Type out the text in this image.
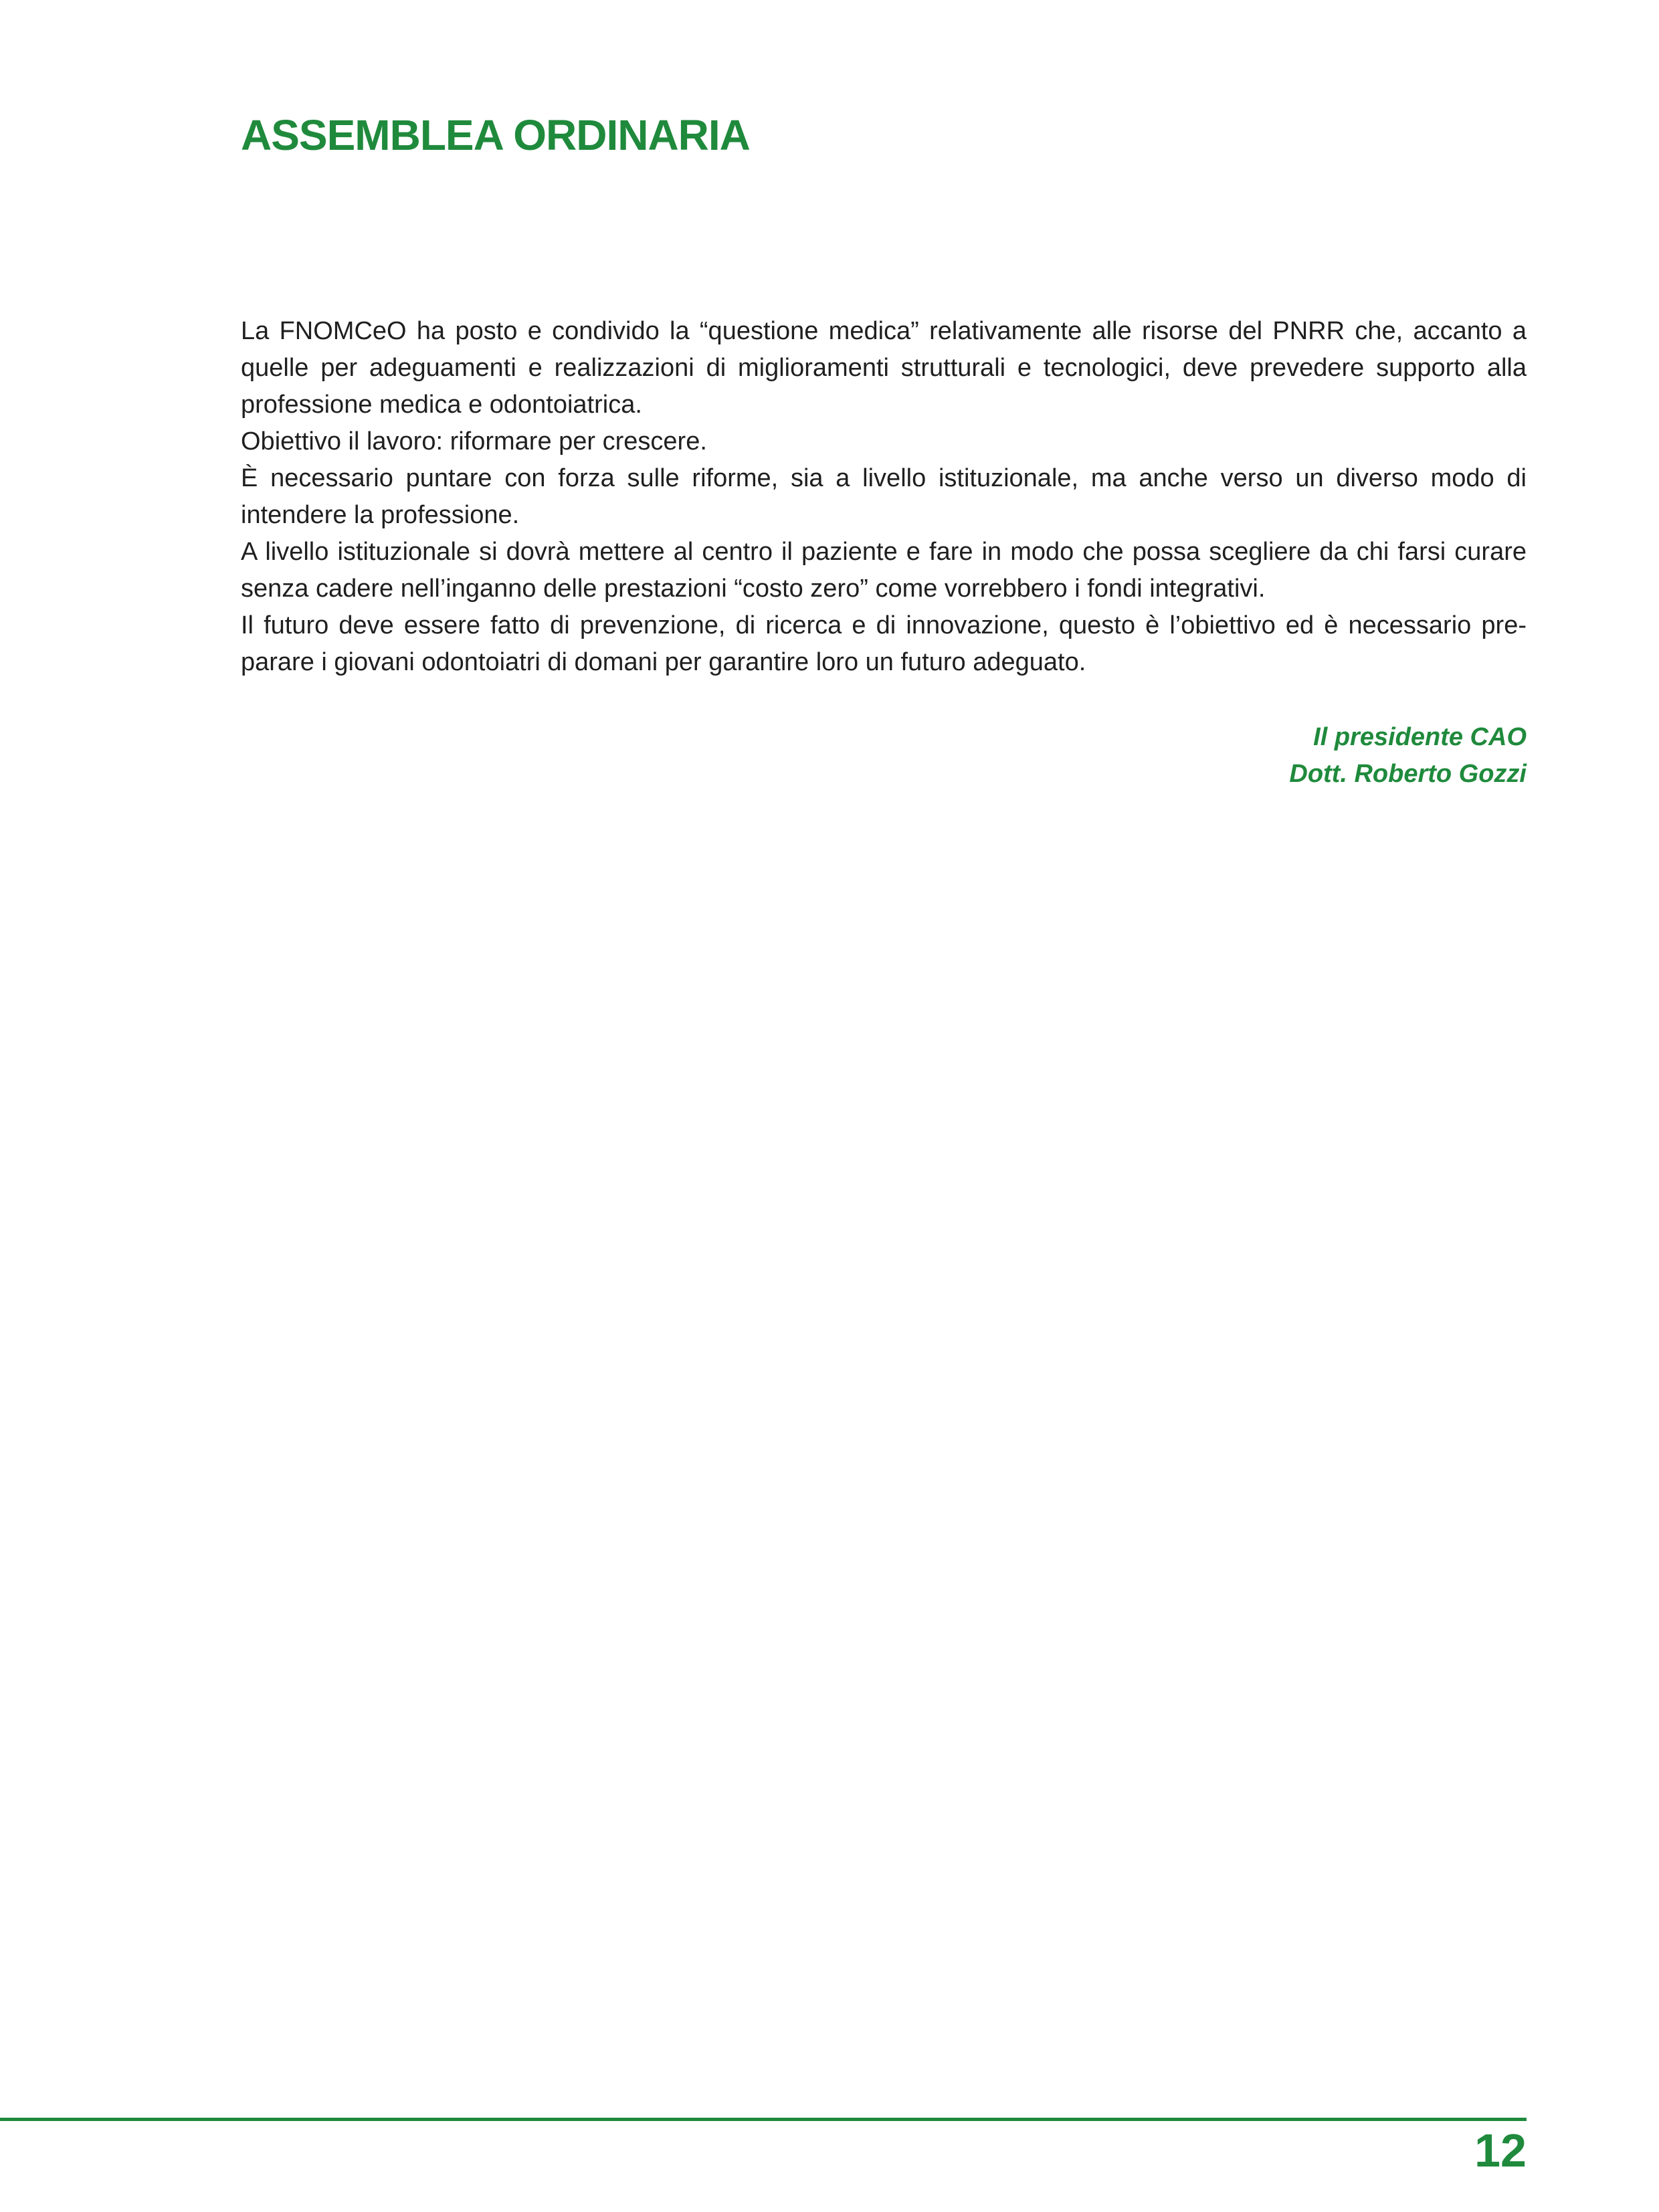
ASSEMBLEA ORDINARIA

La FNOMCeO ha posto e condivido la “questione medica” relativamente alle risorse del PNRR che, accanto a quelle per adeguamenti e realizzazioni di miglioramenti strutturali e tecnologici, deve prevedere supporto alla professione medica e odontoiatrica.

Obiettivo il lavoro: riformare per crescere.

È necessario puntare con forza sulle riforme, sia a livello istituzionale, ma anche verso un diverso modo di intendere la professione.

A livello istituzionale si dovrà mettere al centro il paziente e fare in modo che possa scegliere da chi farsi curare senza cadere nell’inganno delle prestazioni “costo zero” come vorrebbero i fondi integrativi.

Il futuro deve essere fatto di prevenzione, di ricerca e di innovazione, questo è l’obiettivo ed è necessario preparare i giovani odontoiatri di domani per garantire loro un futuro adeguato.

Il presidente CAO
Dott. Roberto Gozzi
12
